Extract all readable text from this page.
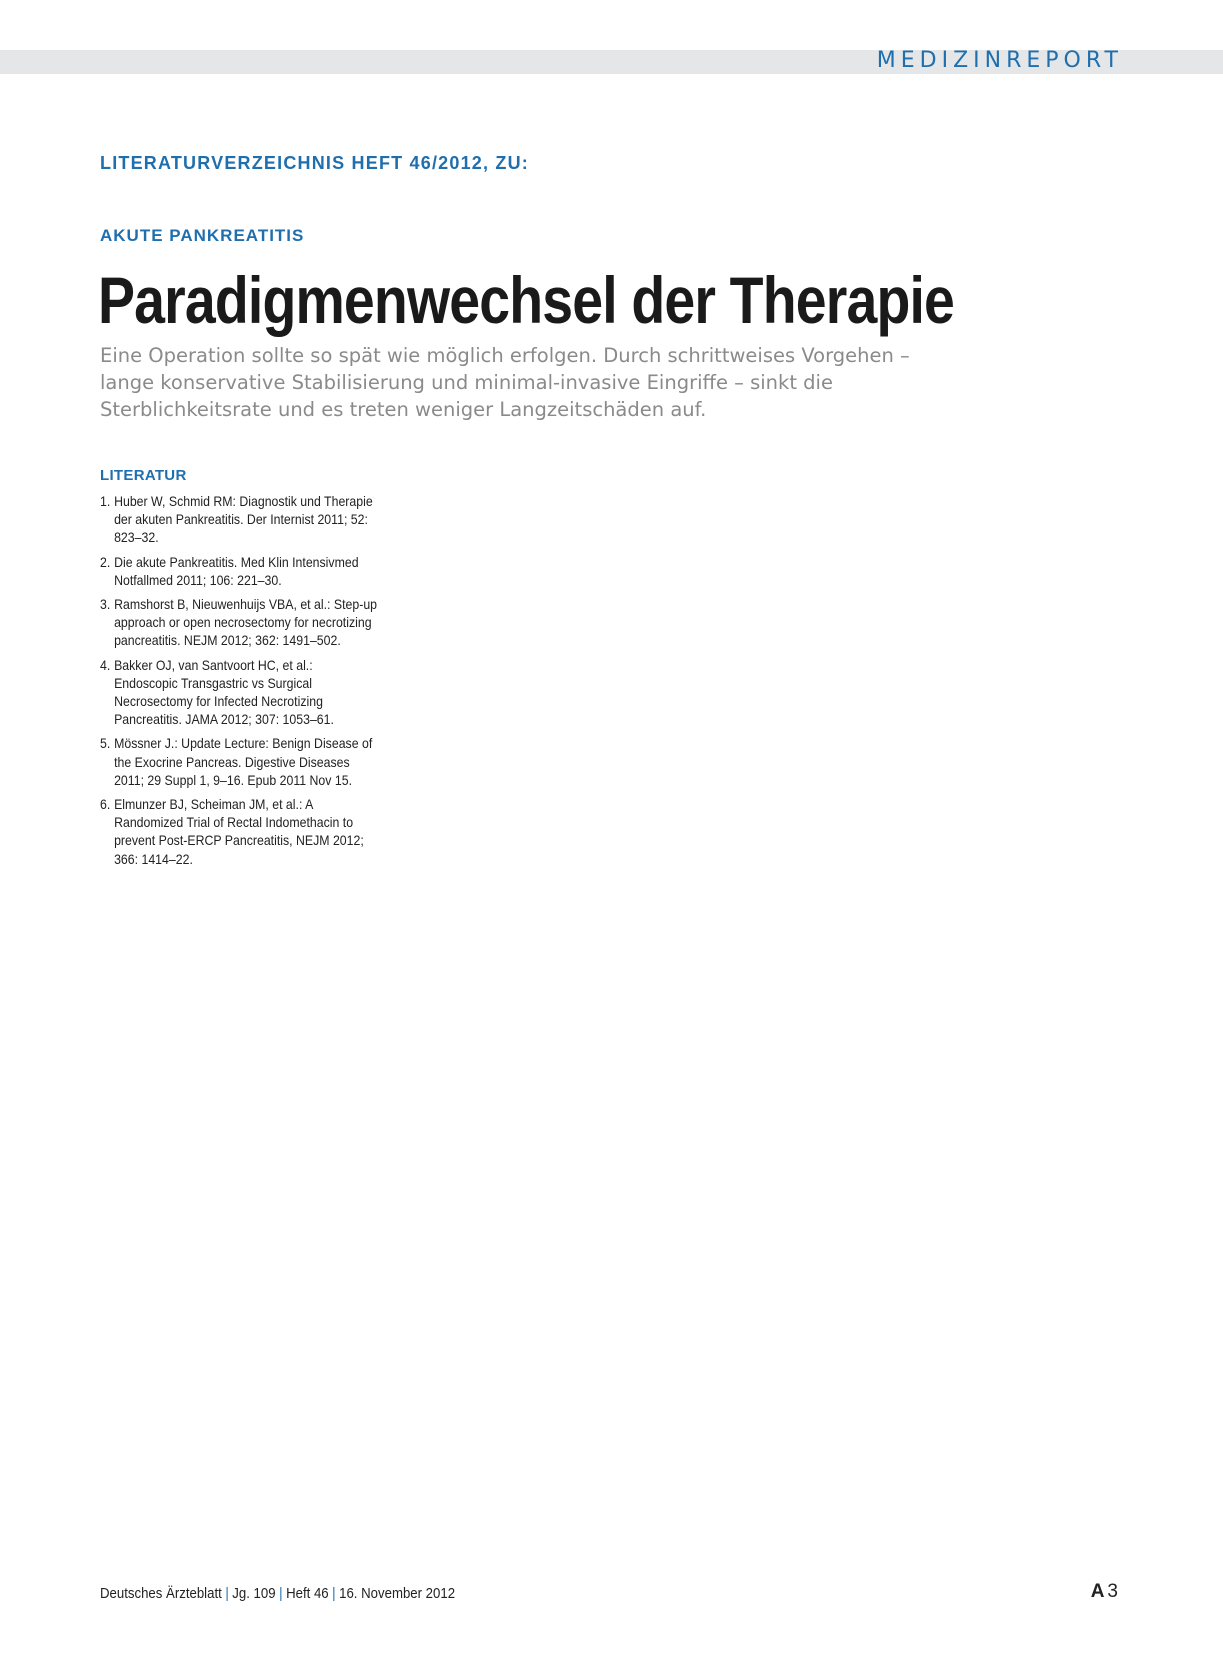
MEDIZINREPORT
LITERATURVERZEICHNIS HEFT 46/2012, ZU:
AKUTE PANKREATITIS
Paradigmenwechsel der Therapie

Eine Operation sollte so spät wie möglich erfolgen. Durch schrittweises Vorgehen – lange konservative Stabilisierung und minimal-invasive Eingriffe – sinkt die Sterblichkeitsrate und es treten weniger Langzeitschäden auf.

LITERATUR
1. Huber W, Schmid RM: Diagnostik und Therapie der akuten Pankreatitis. Der Internist 2011; 52: 823–32.
2. Die akute Pankreatitis. Med Klin Intensivmed Notfallmed 2011; 106: 221–30.
3. Ramshorst B, Nieuwenhuijs VBA, et al.: Step-up approach or open necrosectomy for necrotizing pancreatitis. NEJM 2012; 362: 1491–502.
4. Bakker OJ, van Santvoort HC, et al.: Endoscopic Transgastric vs Surgical Necrosectomy for Infected Necrotizing Pancreatitis. JAMA 2012; 307: 1053–61.
5. Mössner J.: Update Lecture: Benign Disease of the Exocrine Pancreas. Digestive Diseases 2011; 29 Suppl 1, 9–16. Epub 2011 Nov 15.
6. Elmunzer BJ, Scheiman JM, et al.: A Randomized Trial of Rectal Indomethacin to prevent Post-ERCP Pancreatitis, NEJM 2012; 366: 1414–22.
Deutsches Ärzteblatt | Jg. 109 | Heft 46 | 16. November 2012	A 3
